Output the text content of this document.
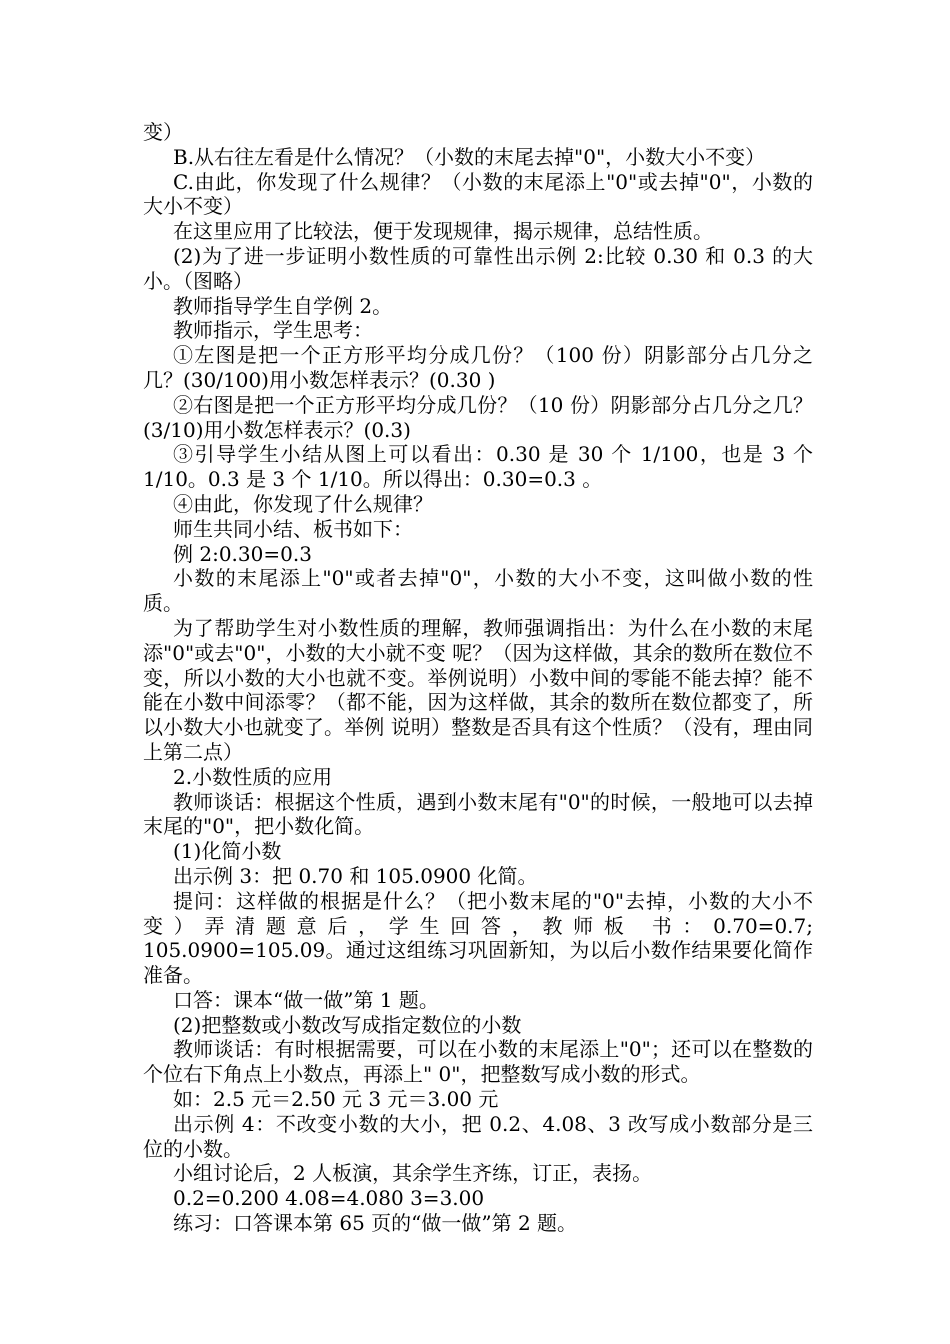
变）

B.从右往左看是什么情况？（小数的末尾去掉"0"，小数大小不变）

C.由此，你发现了什么规律？（小数的末尾添上"0"或去掉"0"，小数的大小不变）

在这里应用了比较法，便于发现规律，揭示规律，总结性质。

(2)为了进一步证明小数性质的可靠性出示例 2:比较 0.30 和 0.3 的大小。（图略）

教师指导学生自学例 2。

教师指示，学生思考：

①左图是把一个正方形平均分成几份？（100 份）阴影部分占几分之几？(30/100)用小数怎样表示？(0.30 )

②右图是把一个正方形平均分成几份？（10 份）阴影部分占几分之几？(3/10)用小数怎样表示？(0.3)

③引导学生小结从图上可以看出：0.30 是 30 个 1/100，也是 3 个 1/10。0.3 是 3 个 1/10。所以得出：0.30=0.3 。

④由此，你发现了什么规律？

师生共同小结、板书如下：

例 2:0.30=0.3

小数的末尾添上"0"或者去掉"0"，小数的大小不变，这叫做小数的性质。

为了帮助学生对小数性质的理解，教师强调指出：为什么在小数的末尾添"0"或去"0"，小数的大小就不变 呢？（因为这样做，其余的数所在数位不变，所以小数的大小也就不变。举例说明）小数中间的零能不能去掉？能不能在小数中间添零？（都不能，因为这样做，其余的数所在数位都变了，所以小数大小也就变了。举例 说明）整数是否具有这个性质？（没有，理由同上第二点）

2.小数性质的应用

教师谈话：根据这个性质，遇到小数末尾有"0"的时候，一般地可以去掉末尾的"0"，把小数化简。

(1)化简小数

出示例 3：把 0.70 和 105.0900 化简。

提问：这样做的根据是什么？（把小数末尾的"0"去掉，小数的大小不变）弄清题意后，学生回答，教师板 书：0.70=0.7; 105.0900=105.09。通过这组练习巩固新知，为以后小数作结果要化简作准备。

口答：课本“做一做”第 1 题。

(2)把整数或小数改写成指定数位的小数

教师谈话：有时根据需要，可以在小数的末尾添上"0"；还可以在整数的个位右下角点上小数点，再添上" 0"，把整数写成小数的形式。

如：2.5 元＝2.50 元 3 元＝3.00 元

出示例 4：不改变小数的大小，把 0.2、4.08、3 改写成小数部分是三位的小数。

小组讨论后，2 人板演，其余学生齐练，订正，表扬。

0.2=0.200 4.08=4.080 3=3.00

练习：口答课本第 65 页的“做一做”第 2 题。
